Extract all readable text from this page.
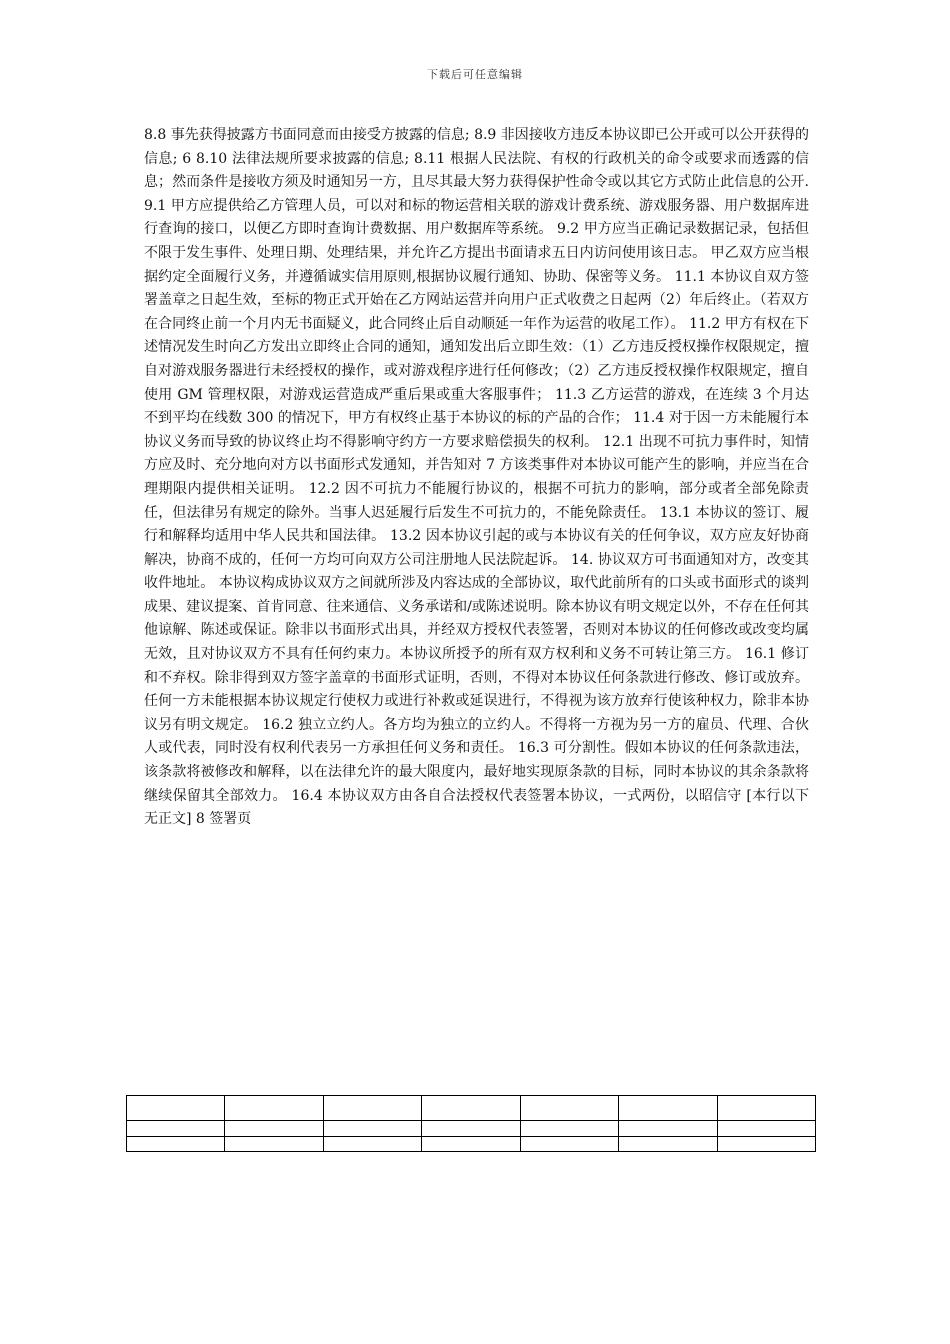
下载后可任意编辑

8.8 事先获得披露方书面同意而由接受方披露的信息; 8.9 非因接收方违反本协议即已公开或可以公开获得的信息; 6 8.10 法律法规所要求披露的信息; 8.11 根据人民法院、有权的行政机关的命令或要求而透露的信息；然而条件是接收方须及时通知另一方，且尽其最大努力获得保护性命令或以其它方式防止此信息的公开. 9.1 甲方应提供给乙方管理人员，可以对和标的物运营相关联的游戏计费系统、游戏服务器、用户数据库进行查询的接口，以便乙方即时查询计费数据、用户数据库等系统。 9.2 甲方应当正确记录数据记录，包括但不限于发生事件、处理日期、处理结果，并允许乙方提出书面请求五日内访问使用该日志。 甲乙双方应当根据约定全面履行义务，并遵循诚实信用原则,根据协议履行通知、协助、保密等义务。 11.1 本协议自双方签署盖章之日起生效，至标的物正式开始在乙方网站运营并向用户正式收费之日起两（2）年后终止。（若双方在合同终止前一个月内无书面疑义，此合同终止后自动顺延一年作为运营的收尾工作）。 11.2 甲方有权在下述情况发生时向乙方发出立即终止合同的通知，通知发出后立即生效：（1）乙方违反授权操作权限规定，擅自对游戏服务器进行未经授权的操作，或对游戏程序进行任何修改；（2）乙方违反授权操作权限规定，擅自使用 GM 管理权限，对游戏运营造成严重后果或重大客服事件； 11.3 乙方运营的游戏，在连续 3 个月达不到平均在线数 300 的情况下，甲方有权终止基于本协议的标的产品的合作； 11.4 对于因一方未能履行本协议义务而导致的协议终止均不得影响守约方一方要求赔偿损失的权利。 12.1 出现不可抗力事件时，知情方应及时、充分地向对方以书面形式发通知，并告知对 7 方该类事件对本协议可能产生的影响，并应当在合理期限内提供相关证明。 12.2 因不可抗力不能履行协议的，根据不可抗力的影响，部分或者全部免除责任，但法律另有规定的除外。当事人迟延履行后发生不可抗力的，不能免除责任。 13.1 本协议的签订、履行和解释均适用中华人民共和国法律。 13.2 因本协议引起的或与本协议有关的任何争议，双方应友好协商解决，协商不成的，任何一方均可向双方公司注册地人民法院起诉。 14. 协议双方可书面通知对方，改变其收件地址。 本协议构成协议双方之间就所涉及内容达成的全部协议，取代此前所有的口头或书面形式的谈判成果、建议提案、首肯同意、往来通信、义务承诺和/或陈述说明。除本协议有明文规定以外，不存在任何其他谅解、陈述或保证。除非以书面形式出具，并经双方授权代表签署，否则对本协议的任何修改或改变均属无效，且对协议双方不具有任何约束力。本协议所授予的所有双方权利和义务不可转让第三方。 16.1 修订和不弃权。除非得到双方签字盖章的书面形式证明，否则，不得对本协议任何条款进行修改、修订或放弃。任何一方未能根据本协议规定行使权力或进行补救或延误进行，不得视为该方放弃行使该种权力，除非本协议另有明文规定。 16.2 独立立约人。各方均为独立的立约人。不得将一方视为另一方的雇员、代理、合伙人或代表，同时没有权利代表另一方承担任何义务和责任。 16.3 可分割性。假如本协议的任何条款违法，该条款将被修改和解释，以在法律允许的最大限度内，最好地实现原条款的目标，同时本协议的其余条款将继续保留其全部效力。 16.4 本协议双方由各自合法授权代表签署本协议，一式两份，以昭信守 [本行以下无正文] 8 签署页
